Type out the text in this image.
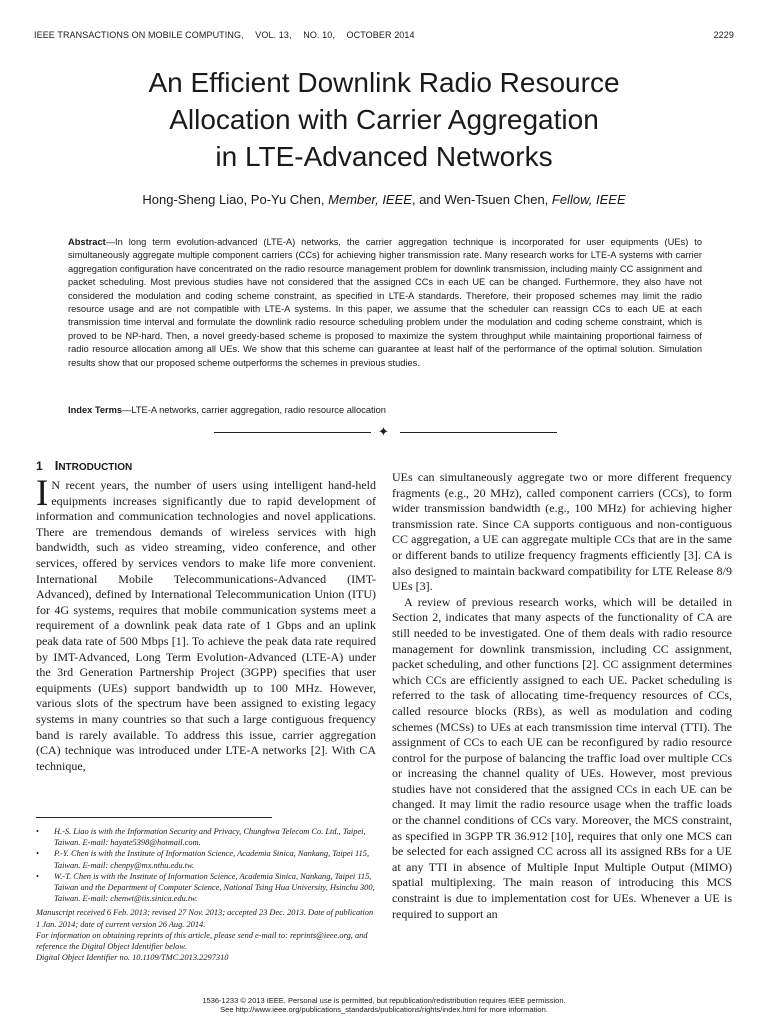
IEEE TRANSACTIONS ON MOBILE COMPUTING, VOL. 13, NO. 10, OCTOBER 2014	2229
An Efficient Downlink Radio Resource
Allocation with Carrier Aggregation
in LTE-Advanced Networks
Hong-Sheng Liao, Po-Yu Chen, Member, IEEE, and Wen-Tsuen Chen, Fellow, IEEE
Abstract—In long term evolution-advanced (LTE-A) networks, the carrier aggregation technique is incorporated for user equipments (UEs) to simultaneously aggregate multiple component carriers (CCs) for achieving higher transmission rate. Many research works for LTE-A systems with carrier aggregation configuration have concentrated on the radio resource management problem for downlink transmission, including mainly CC assignment and packet scheduling. Most previous studies have not considered that the assigned CCs in each UE can be changed. Furthermore, they also have not considered the modulation and coding scheme constraint, as specified in LTE-A standards. Therefore, their proposed schemes may limit the radio resource usage and are not compatible with LTE-A systems. In this paper, we assume that the scheduler can reassign CCs to each UE at each transmission time interval and formulate the downlink radio resource scheduling problem under the modulation and coding scheme constraint, which is proved to be NP-hard. Then, a novel greedy-based scheme is proposed to maximize the system throughput while maintaining proportional fairness of radio resource allocation among all UEs. We show that this scheme can guarantee at least half of the performance of the optimal solution. Simulation results show that our proposed scheme outperforms the schemes in previous studies.
Index Terms—LTE-A networks, carrier aggregation, radio resource allocation
✦
1 INTRODUCTION

I N recent years, the number of users using intelligent hand-held equipments increases significantly due to rapid development of information and communication technologies and novel applications. There are tremendous demands of wireless services with high bandwidth, such as video streaming, video conference, and other services, offered by services vendors to make life more convenient. International Mobile Telecommunications-Advanced (IMT-Advanced), defined by International Telecommunication Union (ITU) for 4G systems, requires that mobile communication systems meet a requirement of a downlink peak data rate of 1 Gbps and an uplink peak data rate of 500 Mbps [1]. To achieve the peak data rate required by IMT-Advanced, Long Term Evolution-Advanced (LTE-A) under the 3rd Generation Partnership Project (3GPP) specifies that user equipments (UEs) support bandwidth up to 100 MHz. However, various slots of the spectrum have been assigned to existing legacy systems in many countries so that such a large contiguous frequency band is rarely available. To address this issue, carrier aggregation (CA) technique was introduced under LTE-A networks [2]. With CA technique,

•	H.-S. Liao is with the Information Security and Privacy, Chunghwa Telecom Co. Ltd., Taipei, Taiwan. E-mail: hayate5398@hotmail.com.
•	P.-Y. Chen is with the Institute of Information Science, Academia Sinica, Nankang, Taipei 115, Taiwan. E-mail: chenpy@mx.nthu.edu.tw.
•	W.-T. Chen is with the Institute of Information Science, Academia Sinica, Nankang, Taipei 115, Taiwan and the Department of Computer Science, National Tsing Hua University, Hsinchu 300, Taiwan. E-mail: chenwt@iis.sinica.edu.tw.
Manuscript received 6 Feb. 2013; revised 27 Nov. 2013; accepted 23 Dec. 2013. Date of publication 1 Jan. 2014; date of current version 26 Aug. 2014.
For information on obtaining reprints of this article, please send e-mail to: reprints@ieee.org, and reference the Digital Object Identifier below.
Digital Object Identifier no. 10.1109/TMC.2013.2297310

UEs can simultaneously aggregate two or more different frequency fragments (e.g., 20 MHz), called component carriers (CCs), to form wider transmission bandwidth (e.g., 100 MHz) for achieving higher transmission rate. Since CA supports contiguous and non-contiguous CC aggregation, a UE can aggregate multiple CCs that are in the same or different bands to utilize frequency fragments efficiently [3]. CA is also designed to maintain backward compatibility for LTE Release 8/9 UEs [3].

A review of previous research works, which will be detailed in Section 2, indicates that many aspects of the functionality of CA are still needed to be investigated. One of them deals with radio resource management for downlink transmission, including CC assignment, packet scheduling, and other functions [2]. CC assignment determines which CCs are efficiently assigned to each UE. Packet scheduling is referred to the task of allocating time-frequency resources of CCs, called resource blocks (RBs), as well as modulation and coding schemes (MCSs) to UEs at each transmission time interval (TTI). The assignment of CCs to each UE can be reconfigured by radio resource control for the purpose of balancing the traffic load over multiple CCs or increasing the channel quality of UEs. However, most previous studies have not considered that the assigned CCs in each UE can be changed. It may limit the radio resource usage when the traffic loads or the channel conditions of CCs vary. Moreover, the MCS constraint, as specified in 3GPP TR 36.912 [10], requires that only one MCS can be selected for each assigned CC across all its assigned RBs for a UE at any TTI in absence of Multiple Input Multiple Output (MIMO) spatial multiplexing. The main reason of introducing this MCS constraint is due to implementation cost for UEs. Whenever a UE is required to support an

1536-1233 © 2013 IEEE. Personal use is permitted, but republication/redistribution requires IEEE permission.
See http://www.ieee.org/publications_standards/publications/rights/index.html for more information.
